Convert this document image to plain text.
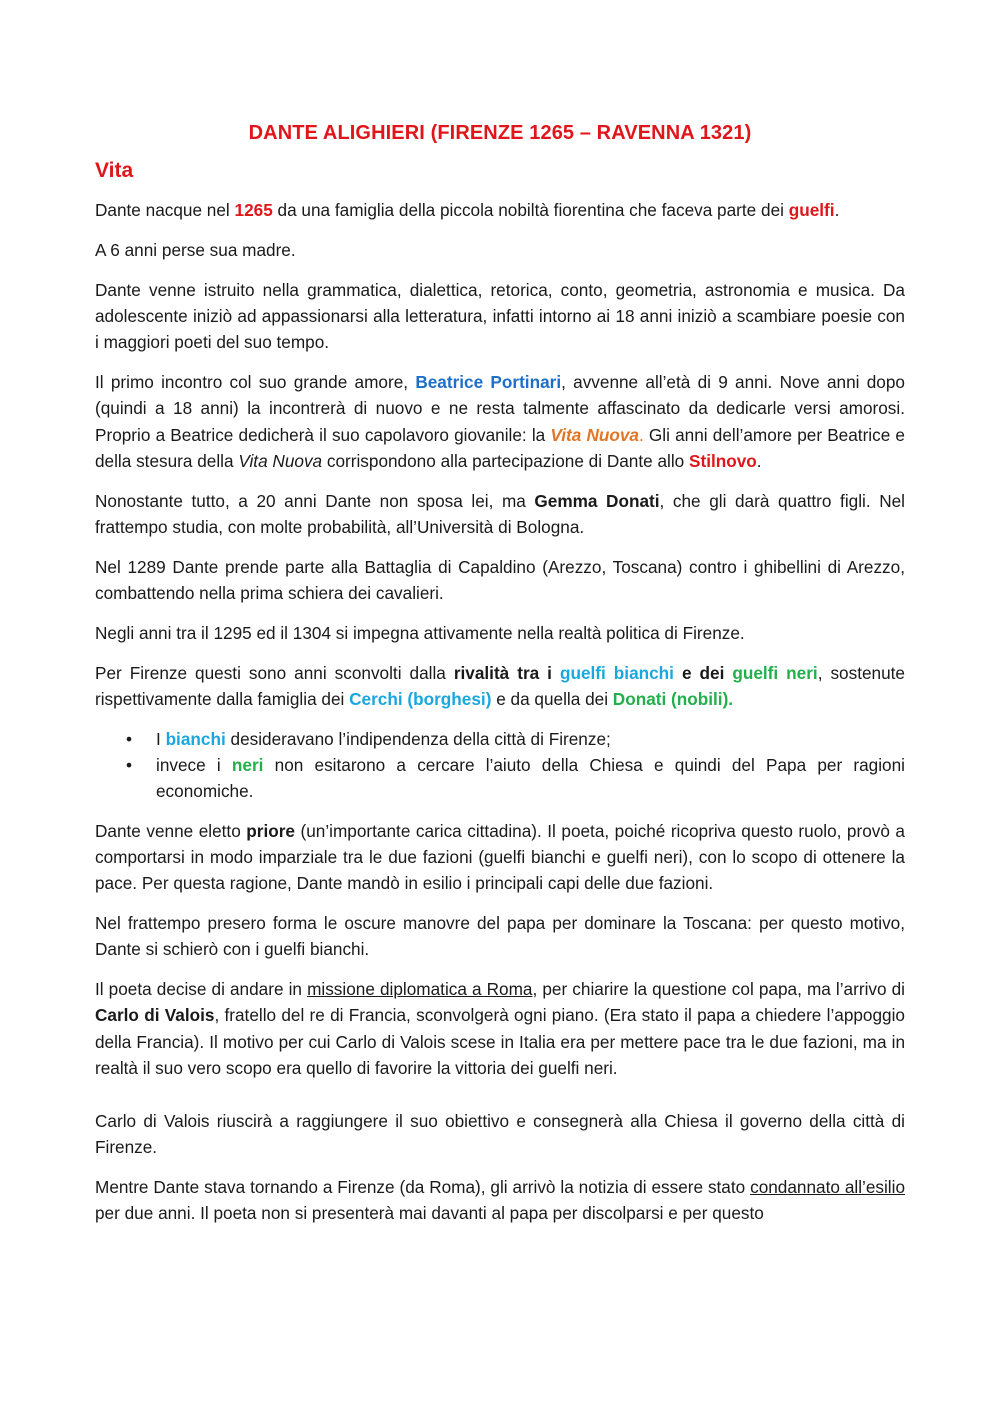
DANTE ALIGHIERI (FIRENZE 1265 – RAVENNA 1321)
Vita

Dante nacque nel 1265 da una famiglia della piccola nobiltà fiorentina che faceva parte dei guelfi.

A 6 anni perse sua madre.

Dante venne istruito nella grammatica, dialettica, retorica, conto, geometria, astronomia e musica. Da adolescente iniziò ad appassionarsi alla letteratura, infatti intorno ai 18 anni iniziò a scambiare poesie con i maggiori poeti del suo tempo.

Il primo incontro col suo grande amore, Beatrice Portinari, avvenne all’età di 9 anni. Nove anni dopo (quindi a 18 anni) la incontrerà di nuovo e ne resta talmente affascinato da dedicarle versi amorosi. Proprio a Beatrice dedicherà il suo capolavoro giovanile: la Vita Nuova. Gli anni dell’amore per Beatrice e della stesura della Vita Nuova corrispondono alla partecipazione di Dante allo Stilnovo.

Nonostante tutto, a 20 anni Dante non sposa lei, ma Gemma Donati, che gli darà quattro figli. Nel frattempo studia, con molte probabilità, all’Università di Bologna.

Nel 1289 Dante prende parte alla Battaglia di Capaldino (Arezzo, Toscana) contro i ghibellini di Arezzo, combattendo nella prima schiera dei cavalieri.

Negli anni tra il 1295 ed il 1304 si impegna attivamente nella realtà politica di Firenze.

Per Firenze questi sono anni sconvolti dalla rivalità tra i guelfi bianchi e dei guelfi neri, sostenute rispettivamente dalla famiglia dei Cerchi (borghesi) e da quella dei Donati (nobili).

• I bianchi desideravano l’indipendenza della città di Firenze;
• invece i neri non esitarono a cercare l’aiuto della Chiesa e quindi del Papa per ragioni economiche.

Dante venne eletto priore (un’importante carica cittadina). Il poeta, poiché ricopriva questo ruolo, provò a comportarsi in modo imparziale tra le due fazioni (guelfi bianchi e guelfi neri), con lo scopo di ottenere la pace. Per questa ragione, Dante mandò in esilio i principali capi delle due fazioni.

Nel frattempo presero forma le oscure manovre del papa per dominare la Toscana: per questo motivo, Dante si schierò con i guelfi bianchi.

Il poeta decise di andare in missione diplomatica a Roma, per chiarire la questione col papa, ma l’arrivo di Carlo di Valois, fratello del re di Francia, sconvolgerà ogni piano. (Era stato il papa a chiedere l’appoggio della Francia). Il motivo per cui Carlo di Valois scese in Italia era per mettere pace tra le due fazioni, ma in realtà il suo vero scopo era quello di favorire la vittoria dei guelfi neri.

Carlo di Valois riuscirà a raggiungere il suo obiettivo e consegnerà alla Chiesa il governo della città di Firenze.

Mentre Dante stava tornando a Firenze (da Roma), gli arrivò la notizia di essere stato condannato all’esilio per due anni. Il poeta non si presenterà mai davanti al papa per discolparsi e per questo
